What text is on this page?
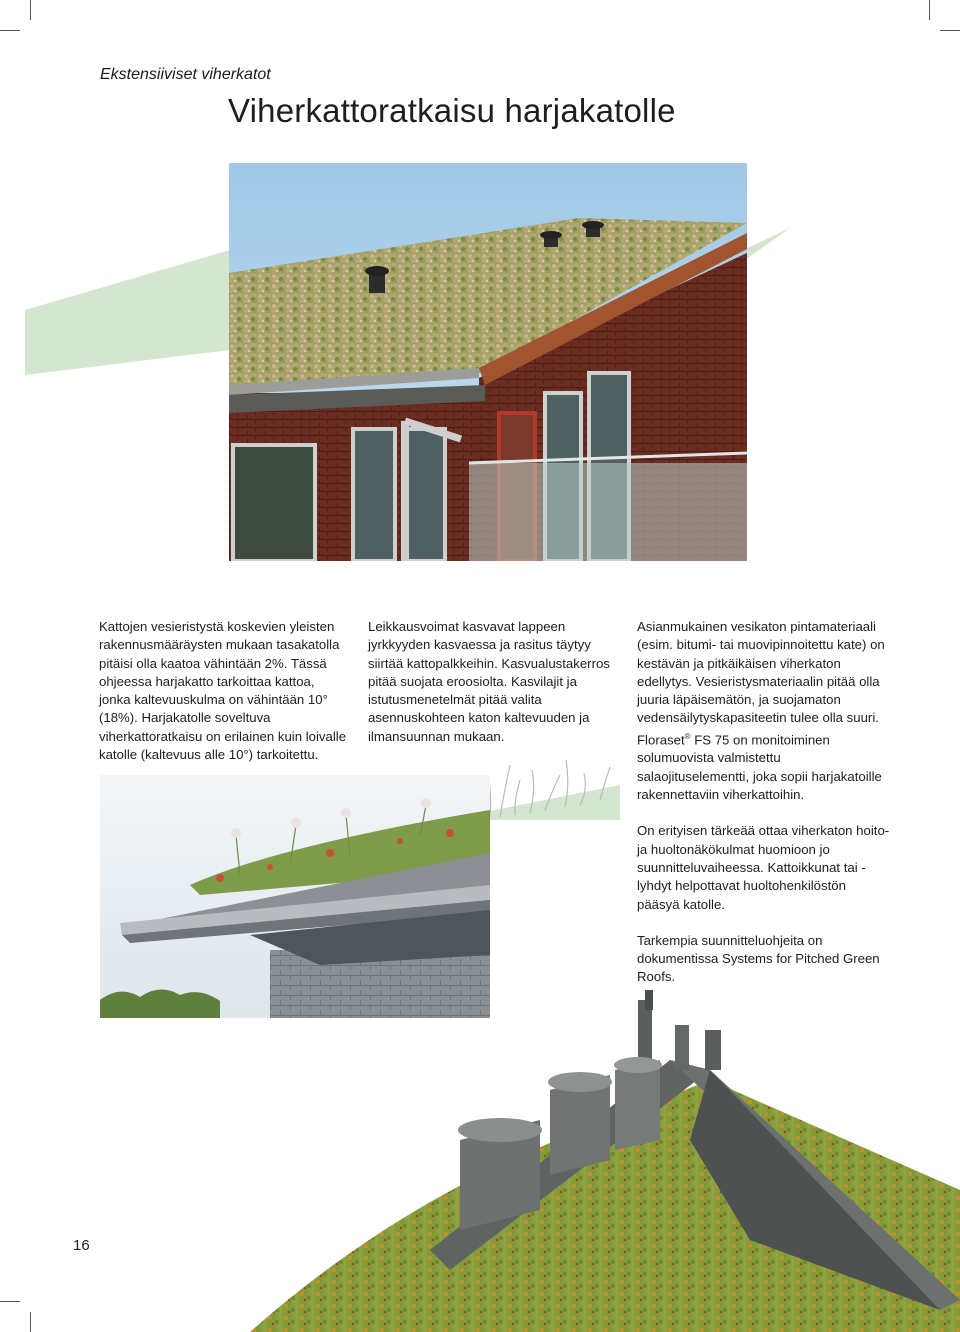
Ekstensiiviset viherkatot
Viherkattoratkaisu harjakatolle

Kattojen vesieristystä koskevien yleisten rakennusmääräysten mukaan tasakatolla pitäisi olla kaatoa vähintään 2%. Tässä ohjeessa harjakatto tarkoittaa kattoa, jonka kaltevuuskulma on vähintään 10° (18%). Harjakatolle soveltuva viherkattoratkaisu on erilainen kuin loivalle katolle (kaltevuus alle 10°) tarkoitettu.

Leikkausvoimat kasvavat lappeen jyrkkyyden kasvaessa ja rasitus täytyy siirtää kattopalkkeihin. Kasvualustakerros pitää suojata eroosiolta. Kasvilajit ja istutusmenetelmät pitää valita asennuskohteen katon kaltevuuden ja ilmansuunnan mukaan.

Asianmukainen vesikaton pintamateriaali (esim. bitumi- tai muovipinnoitettu kate) on kestävän ja pitkäikäisen viherkaton edellytys. Vesieristysmateriaalin pitää olla juuria läpäisemätön, ja suojamaton vedensäilytyskapasiteetin tulee olla suuri. Floraset® FS 75 on monitoiminen solumuovista valmistettu salaojituselementti, joka sopii harjakatoille rakennettaviin viherkattoihin.

On erityisen tärkeää ottaa viherkaton hoito- ja huoltonäkökulmat huomioon jo suunnitteluvaiheessa. Kattoikkunat tai -lyhdyt helpottavat huoltohenkilöstön pääsyä katolle.

Tarkempia suunnitteluohjeita on dokumentissa Systems for Pitched Green Roofs.

16
